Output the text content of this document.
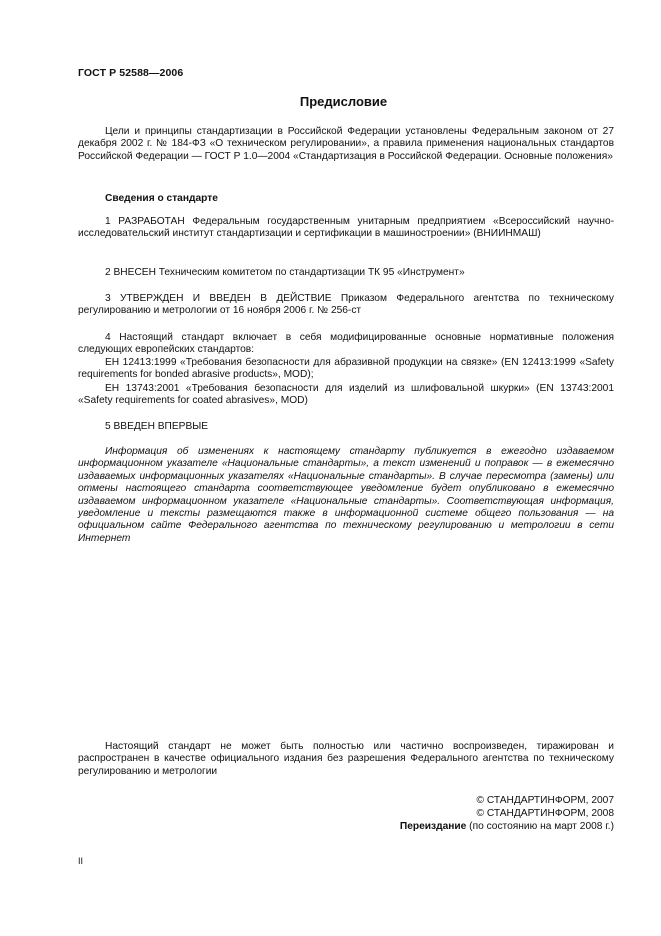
ГОСТ Р 52588—2006
Предисловие

Цели и принципы стандартизации в Российской Федерации установлены Федеральным законом от 27 декабря 2002 г. № 184-ФЗ «О техническом регулировании», а правила применения национальных стандартов Российской Федерации — ГОСТ Р 1.0—2004 «Стандартизация в Российской Федерации. Основные положения»

Сведения о стандарте

1 РАЗРАБОТАН Федеральным государственным унитарным предприятием «Всероссийский научно-исследовательский институт стандартизации и сертификации в машиностроении» (ВНИИНМАШ)

2 ВНЕСЕН Техническим комитетом по стандартизации ТК 95 «Инструмент»

3 УТВЕРЖДЕН И ВВЕДЕН В ДЕЙСТВИЕ Приказом Федерального агентства по техническому регулированию и метрологии от 16 ноября 2006 г. № 256-ст

4 Настоящий стандарт включает в себя модифицированные основные нормативные положения следующих европейских стандартов:

ЕН 12413:1999 «Требования безопасности для абразивной продукции на связке» (EN 12413:1999 «Safety requirements for bonded abrasive products», MOD);

ЕН 13743:2001 «Требования безопасности для изделий из шлифовальной шкурки» (EN 13743:2001 «Safety requirements for coated abrasives», MOD)

5 ВВЕДЕН ВПЕРВЫЕ

Информация об изменениях к настоящему стандарту публикуется в ежегодно издаваемом информационном указателе «Национальные стандарты», а текст изменений и поправок — в ежемесячно издаваемых информационных указателях «Национальные стандарты». В случае пересмотра (замены) или отмены настоящего стандарта соответствующее уведомление будет опубликовано в ежемесячно издаваемом информационном указателе «Национальные стандарты». Соответствующая информация, уведомление и тексты размещаются также в информационной системе общего пользования — на официальном сайте Федерального агентства по техническому регулированию и метрологии в сети Интернет

Настоящий стандарт не может быть полностью или частично воспроизведен, тиражирован и распространен в качестве официального издания без разрешения Федерального агентства по техническому регулированию и метрологии

© СТАНДАРТИНФОРМ, 2007
© СТАНДАРТИНФОРМ, 2008
Переиздание (по состоянию на март 2008 г.)
II
